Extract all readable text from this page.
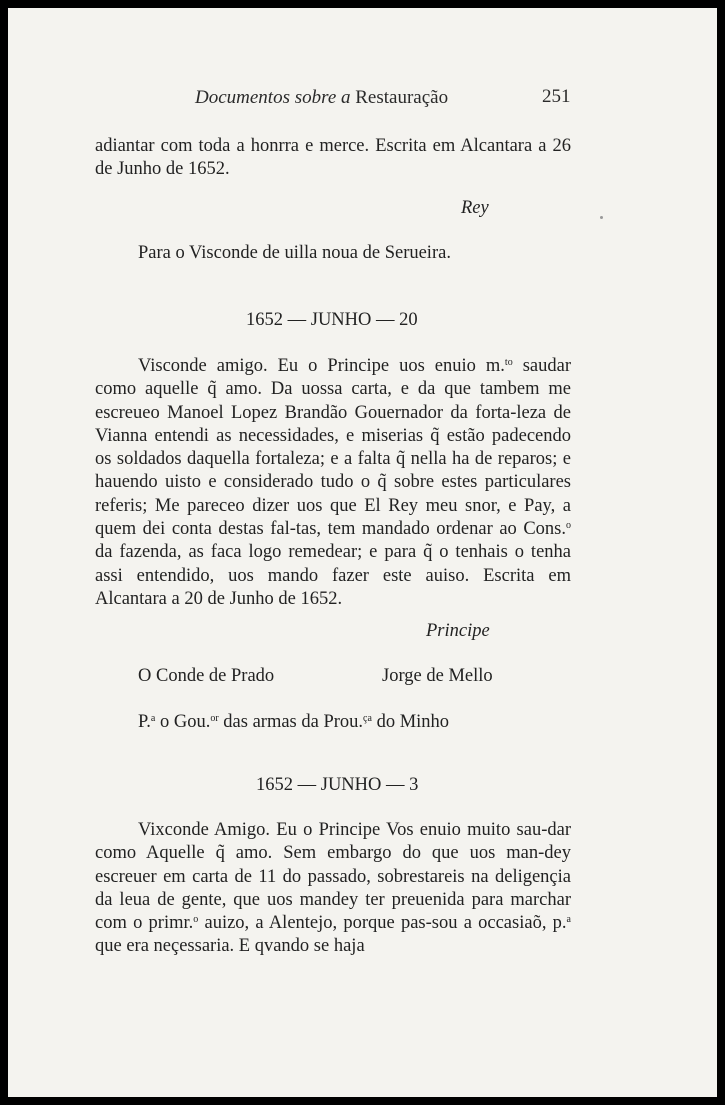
Documentos sobre a Restauração	251

adiantar com toda a honrra e merce. Escrita em Alcantara a 26 de Junho de 1652.

Rey
Para o Visconde de uilla noua de Serueira.
1652 — JUNHO — 20

Visconde amigo. Eu o Principe uos enuio m.$^{to}$ saudar como aquelle q̃ amo. Da uossa carta, e da que tambem me escreueo Manoel Lopez Brandão Gouernador da forta-leza de Vianna entendi as necessidades, e miserias q̃ estão padecendo os soldados daquella fortaleza; e a falta q̃ nella ha de reparos; e hauendo uisto e considerado tudo o q̃ sobre estes particulares referis; Me pareceo dizer uos que El Rey meu snor, e Pay, a quem dei conta destas fal-tas, tem mandado ordenar ao Cons.$^o$ da fazenda, as faca logo remedear; e para q̃ o tenhais o tenha assi entendido, uos mando fazer este auiso. Escrita em Alcantara a 20 de Junho de 1652.

Principe
O Conde de Prado	Jorge de Mello
P.$^a$ o Gou.$^{or}$ das armas da Prou.$^{ça}$ do Minho
1652 — JUNHO — 3

Vixconde Amigo. Eu o Principe Vos enuio muito sau-dar como Aquelle q̃ amo. Sem embargo do que uos man-dey escreuer em carta de 11 do passado, sobrestareis na deligençia da leua de gente, que uos mandey ter preuenida para marchar com o primr.$^o$ auizo, a Alentejo, porque pas-sou a occasiaõ, p.$^a$ que era neçessaria. E qvando se haja
